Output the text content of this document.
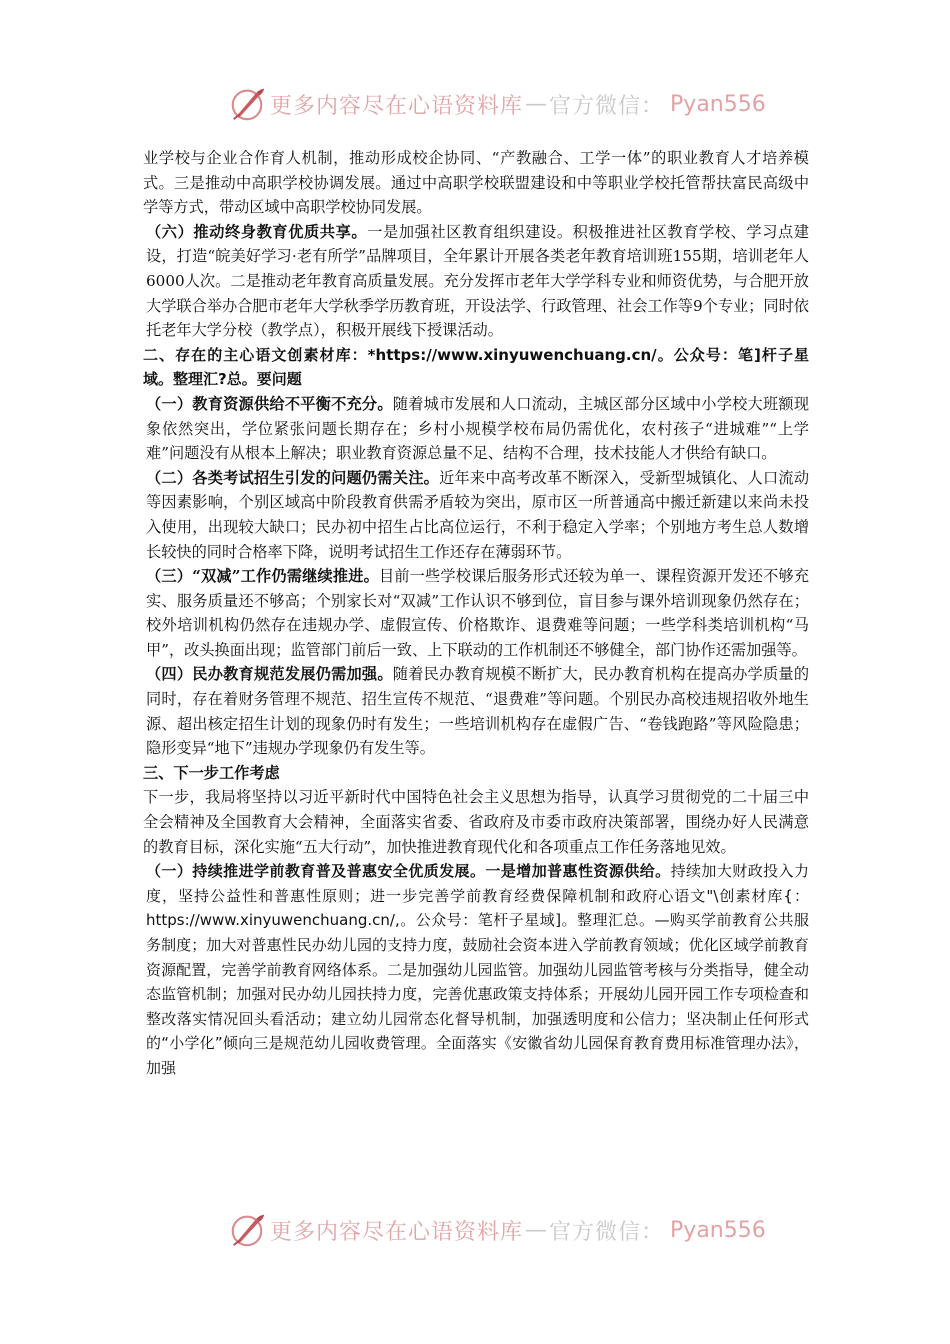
更多内容尽在心语资料库 — 官方微信： Pyan556

业学校与企业合作育人机制，推动形成校企协同、“产教融合、工学一体”的职业教育人才培养模式。三是推动中高职学校协调发展。通过中高职学校联盟建设和中等职业学校托管帮扶富民高级中学等方式，带动区域中高职学校协同发展。

（六）推动终身教育优质共享。一是加强社区教育组织建设。积极推进社区教育学校、学习点建设，打造“皖美好学习·老有所学”品牌项目，全年累计开展各类老年教育培训班155期，培训老年人6000人次。二是推动老年教育高质量发展。充分发挥市老年大学学科专业和师资优势，与合肥开放大学联合举办合肥市老年大学秋季学历教育班，开设法学、行政管理、社会工作等9个专业；同时依托老年大学分校（教学点），积极开展线下授课活动。

二、存在的主心语文创素材库：*https://www.xinyuwenchuang.cn/。公众号：笔]杆子星域。整理汇?总。要问题

（一）教育资源供给不平衡不充分。随着城市发展和人口流动，主城区部分区域中小学校大班额现象依然突出，学位紧张问题长期存在；乡村小规模学校布局仍需优化，农村孩子“进城难”“上学难”问题没有从根本上解决；职业教育资源总量不足、结构不合理，技术技能人才供给有缺口。

（二）各类考试招生引发的问题仍需关注。近年来中高考改革不断深入，受新型城镇化、人口流动等因素影响，个别区域高中阶段教育供需矛盾较为突出，原市区一所普通高中搬迁新建以来尚未投入使用，出现较大缺口；民办初中招生占比高位运行，不利于稳定入学率；个别地方考生总人数增长较快的同时合格率下降，说明考试招生工作还存在薄弱环节。

（三）“双减”工作仍需继续推进。目前一些学校课后服务形式还较为单一、课程资源开发还不够充实、服务质量还不够高；个别家长对“双减”工作认识不够到位，盲目参与课外培训现象仍然存在；校外培训机构仍然存在违规办学、虚假宣传、价格欺诈、退费难等问题；一些学科类培训机构“马甲”，改头换面出现；监管部门前后一致、上下联动的工作机制还不够健全，部门协作还需加强等。

（四）民办教育规范发展仍需加强。随着民办教育规模不断扩大，民办教育机构在提高办学质量的同时，存在着财务管理不规范、招生宣传不规范、“退费难”等问题。个别民办高校违规招收外地生源、超出核定招生计划的现象仍时有发生；一些培训机构存在虚假广告、“卷钱跑路”等风险隐患；隐形变异“地下”违规办学现象仍有发生等。

三、下一步工作考虑

下一步，我局将坚持以习近平新时代中国特色社会主义思想为指导，认真学习贯彻党的二十届三中全会精神及全国教育大会精神，全面落实省委、省政府及市委市政府决策部署，围绕办好人民满意的教育目标，深化实施“五大行动”，加快推进教育现代化和各项重点工作任务落地见效。

（一）持续推进学前教育普及普惠安全优质发展。一是增加普惠性资源供给。持续加大财政投入力度，坚持公益性和普惠性原则；进一步完善学前教育经费保障机制和政府心语文"\创素材库{：https://www.xinyuwenchuang.cn/,。公众号：笔杆子星域]。整理汇总。—购买学前教育公共服务制度；加大对普惠性民办幼儿园的支持力度，鼓励社会资本进入学前教育领域；优化区域学前教育资源配置，完善学前教育网络体系。二是加强幼儿园监管。加强幼儿园监管考核与分类指导，健全动态监管机制；加强对民办幼儿园扶持力度，完善优惠政策支持体系；开展幼儿园开园工作专项检查和整改落实情况回头看活动；建立幼儿园常态化督导机制，加强透明度和公信力；坚决制止任何形式的“小学化”倾向三是规范幼儿园收费管理。全面落实《安徽省幼儿园保育教育费用标准管理办法》，加强

更多内容尽在心语资料库 — 官方微信： Pyan556
